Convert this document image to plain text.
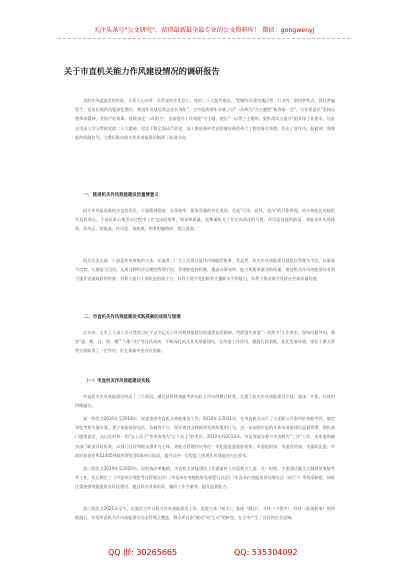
关注头条号"公文研究"，获得最新最全最专业的公文资料库！ 微信：gongwenyj
关于市直机关能力作风建设情况的调研报告

党的作风就是党的形象，关系人心向背，关系党的生死存亡。党的二十大报告指出，"把握作风建设地区性、行业性、阶段性特点，抓住普遍发生、反复出现的问题深化整治，推进作风建设常态化长效化"。全市连续两年开展了以"一改两为"为主题的"新春第一会"，今年更是以"发扬自我革命精神，坚持严的基调，持续深化'一改两为'，全面提升工作效能"为主题，提出"一以贯之主题形，狠抓落实五提升"的具体工作要求，这是全市深入学习贯彻党的二十大精神，坚定不移全面从严治党，深入推进新时代党的建设新的伟大工程的务实举措，发出了首作风，振精神，强效能的明确信号，为我们推动机关作风效能建设指明了前进方向。

一、推进机关作风效能建设的重要意义

机关作风是党政机关及其党员、干部精神面貌、办事效率、服务质量的外在表现，也是"行风、政风、党风"的具体体现。机关效能是党政机关及其党员、干部从事公务活动过程中工作完成的效率、效果和质量，是衡量机关工作完成情况的尺度。作风是效能的前提，效能是作风的体现，作风正、效能高，作风差、效能低，两者相辅相成、相互促进。

机关完美无缺，干部是作风效能的主体，实施者，广大人民群众是作风效能的服务、受益者。机关作风效能建设就是以管理为手段，以服务为宗旨，以满意为目的，运用各种科学合理的管理手段，管理制度和机制，提高办事效率，能力和服务群众的质量，推进机关作风效能建设有利于提升党委政府的形象，有利于提升干部队伍的战斗力，有利于提升党组织机关播职水平和能力，有利于推动地方经济社会高质量发展。

二、市直机关作风效能建设实践探索的成效与困境

近年来，全市上下深入学习贯彻习近平总书记关于作风和效能建设的重要论述精神，贯彻落实省委"一改两为"工作要求，坚持问题导向，聚焦"虚、躁、浮、慢、庸""六重六轻"等作风顽疾，不断深化机关作风效能建设，在改进工作作风，提高行政效能，优化发展环境，密切干群关系等方面取得了一定作用，但在探索中也存在困难。

（一）市直机关作风效能建设实践

市直机关作风效能建设经历了三个阶段，通过从传统效能考评向民主评议的模式转变，实现了机关作风效能建设主体、客体、介体、环体的四维融合。

第一阶段为2010年至2018年，探索推进市直机关效能建设工作。2010年至2011年，在市直机关实行了公述职公开事项的效能考评，制定年度考核实施方案，建立效能投诉电话、信箱等平台，坚决查处各种损害发展环境的行为，进一步加强市直机关作风效能建设监督管理，强化部门服务意识，从以往的单一的"自上而下"考评改变为"自下而上"的考评，2012年到2013年，市直效能办参与市直机关"三评"工作，由市委明确各部门职责评价标准，以部门自评和群众测评为主体。效能办管理评议单位：市纪委监委派驻机构、市委组织部、市委宣传部、市委政法委、市政府督查室和12345热线管理处等6家单位组成，提升以外一定程度上体现作风效能的内在要求。

第二阶段为2019年至2020年，因机构改革撤销，市直机关效能建设工作逐渐转入市直机关工委，这一时期，主要通过健全立制规范效能考评工作，先后制定了《市直单位效能考评管理办法》《市直单位效能投诉处理暂行办法》《市直单位效能投诉处理办法（试行）》等规章制度，同时注重加强效能监督员队伍建设，通过举办业务培训，编印工作手册等，提升监督能力。

第三阶段为2021年至今，实施民主评议机关作风效能建设工作，促进主体（机关）、客体（群众）、介体（小程序）、环体（政务服务）的四维融合，实现市直机关作风效能建设动态管理全覆盖，群众评议由"被动"向"主动"的转变，在全市产生了良好的社会反响。

QQ 群: 30265665	QQ: 535304092
